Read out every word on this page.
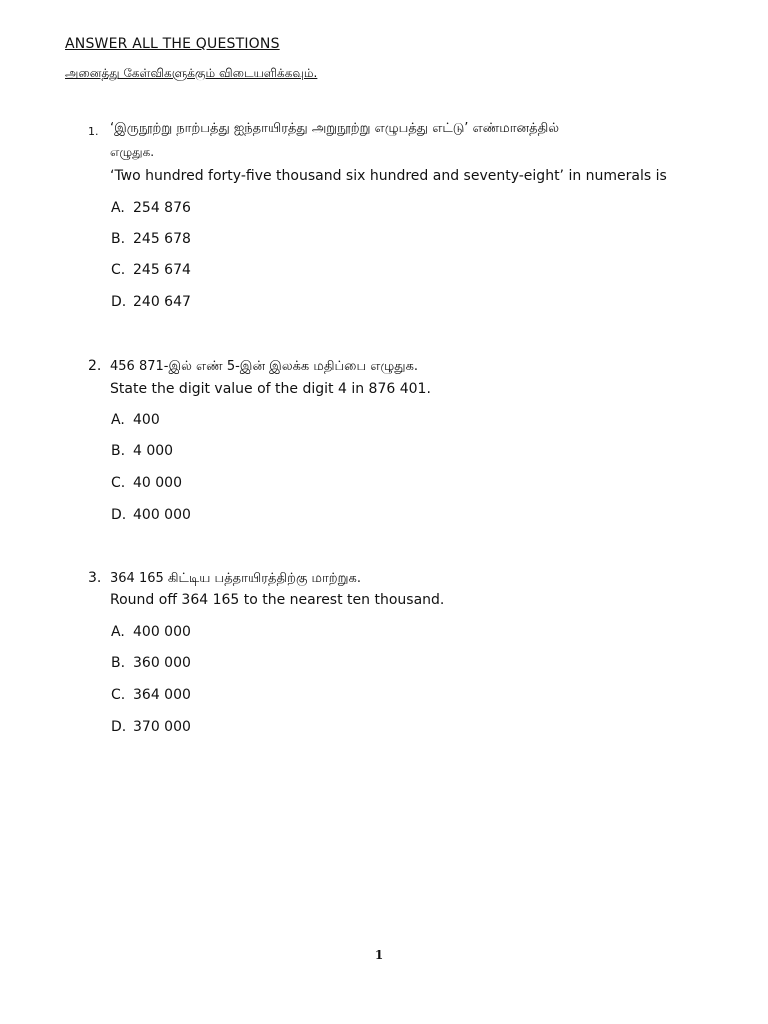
ANSWER ALL THE QUESTIONS
அனைத்து கேள்விகளுக்கும் விடையளிக்கவும்.
1. ‘இருநூற்று நாற்பத்து ஐந்தாயிரத்து அறுநூற்று எழுபத்து எட்டு’ எண்மானத்தில்
எழுதுக.
‘Two hundred forty-five thousand six hundred and seventy-eight’ in numerals is
A. 254 876
B. 245 678
C. 245 674
D. 240 647
2. 456 871-இல் எண் 5-இன் இலக்க மதிப்பை எழுதுக.
State the digit value of the digit 4 in 876 401.
A. 400
B. 4 000
C. 40 000
D. 400 000
3. 364 165 கிட்டிய பத்தாயிரத்திற்கு மாற்றுக.
Round off 364 165 to the nearest ten thousand.
A. 400 000
B. 360 000
C. 364 000
D. 370 000
1
